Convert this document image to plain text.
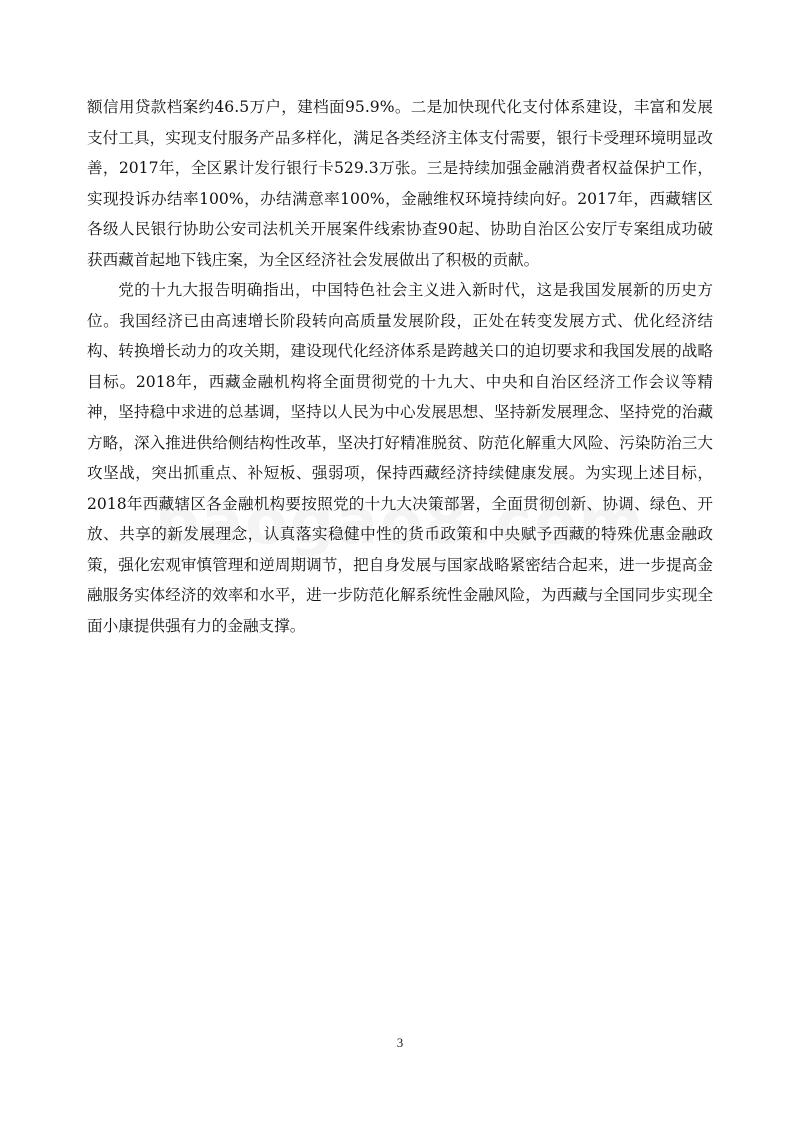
额信用贷款档案约46.5万户，建档面95.9%。二是加快现代化支付体系建设，丰富和发展支付工具，实现支付服务产品多样化，满足各类经济主体支付需要，银行卡受理环境明显改善，2017年，全区累计发行银行卡529.3万张。三是持续加强金融消费者权益保护工作，实现投诉办结率100%，办结满意率100%，金融维权环境持续向好。2017年，西藏辖区各级人民银行协助公安司法机关开展案件线索协查90起、协助自治区公安厅专案组成功破获西藏首起地下钱庄案，为全区经济社会发展做出了积极的贡献。

党的十九大报告明确指出，中国特色社会主义进入新时代，这是我国发展新的历史方位。我国经济已由高速增长阶段转向高质量发展阶段，正处在转变发展方式、优化经济结构、转换增长动力的攻关期，建设现代化经济体系是跨越关口的迫切要求和我国发展的战略目标。2018年，西藏金融机构将全面贯彻党的十九大、中央和自治区经济工作会议等精神，坚持稳中求进的总基调，坚持以人民为中心发展思想、坚持新发展理念、坚持党的治藏方略，深入推进供给侧结构性改革，坚决打好精准脱贫、防范化解重大风险、污染防治三大攻坚战，突出抓重点、补短板、强弱项，保持西藏经济持续健康发展。为实现上述目标，2018年西藏辖区各金融机构要按照党的十九大决策部署，全面贯彻创新、协调、绿色、开放、共享的新发展理念，认真落实稳健中性的货币政策和中央赋予西藏的特殊优惠金融政策，强化宏观审慎管理和逆周期调节，把自身发展与国家战略紧密结合起来，进一步提高金融服务实体经济的效率和水平，进一步防范化解系统性金融风险，为西藏与全国同步实现全面小康提供强有力的金融支撑。

3
